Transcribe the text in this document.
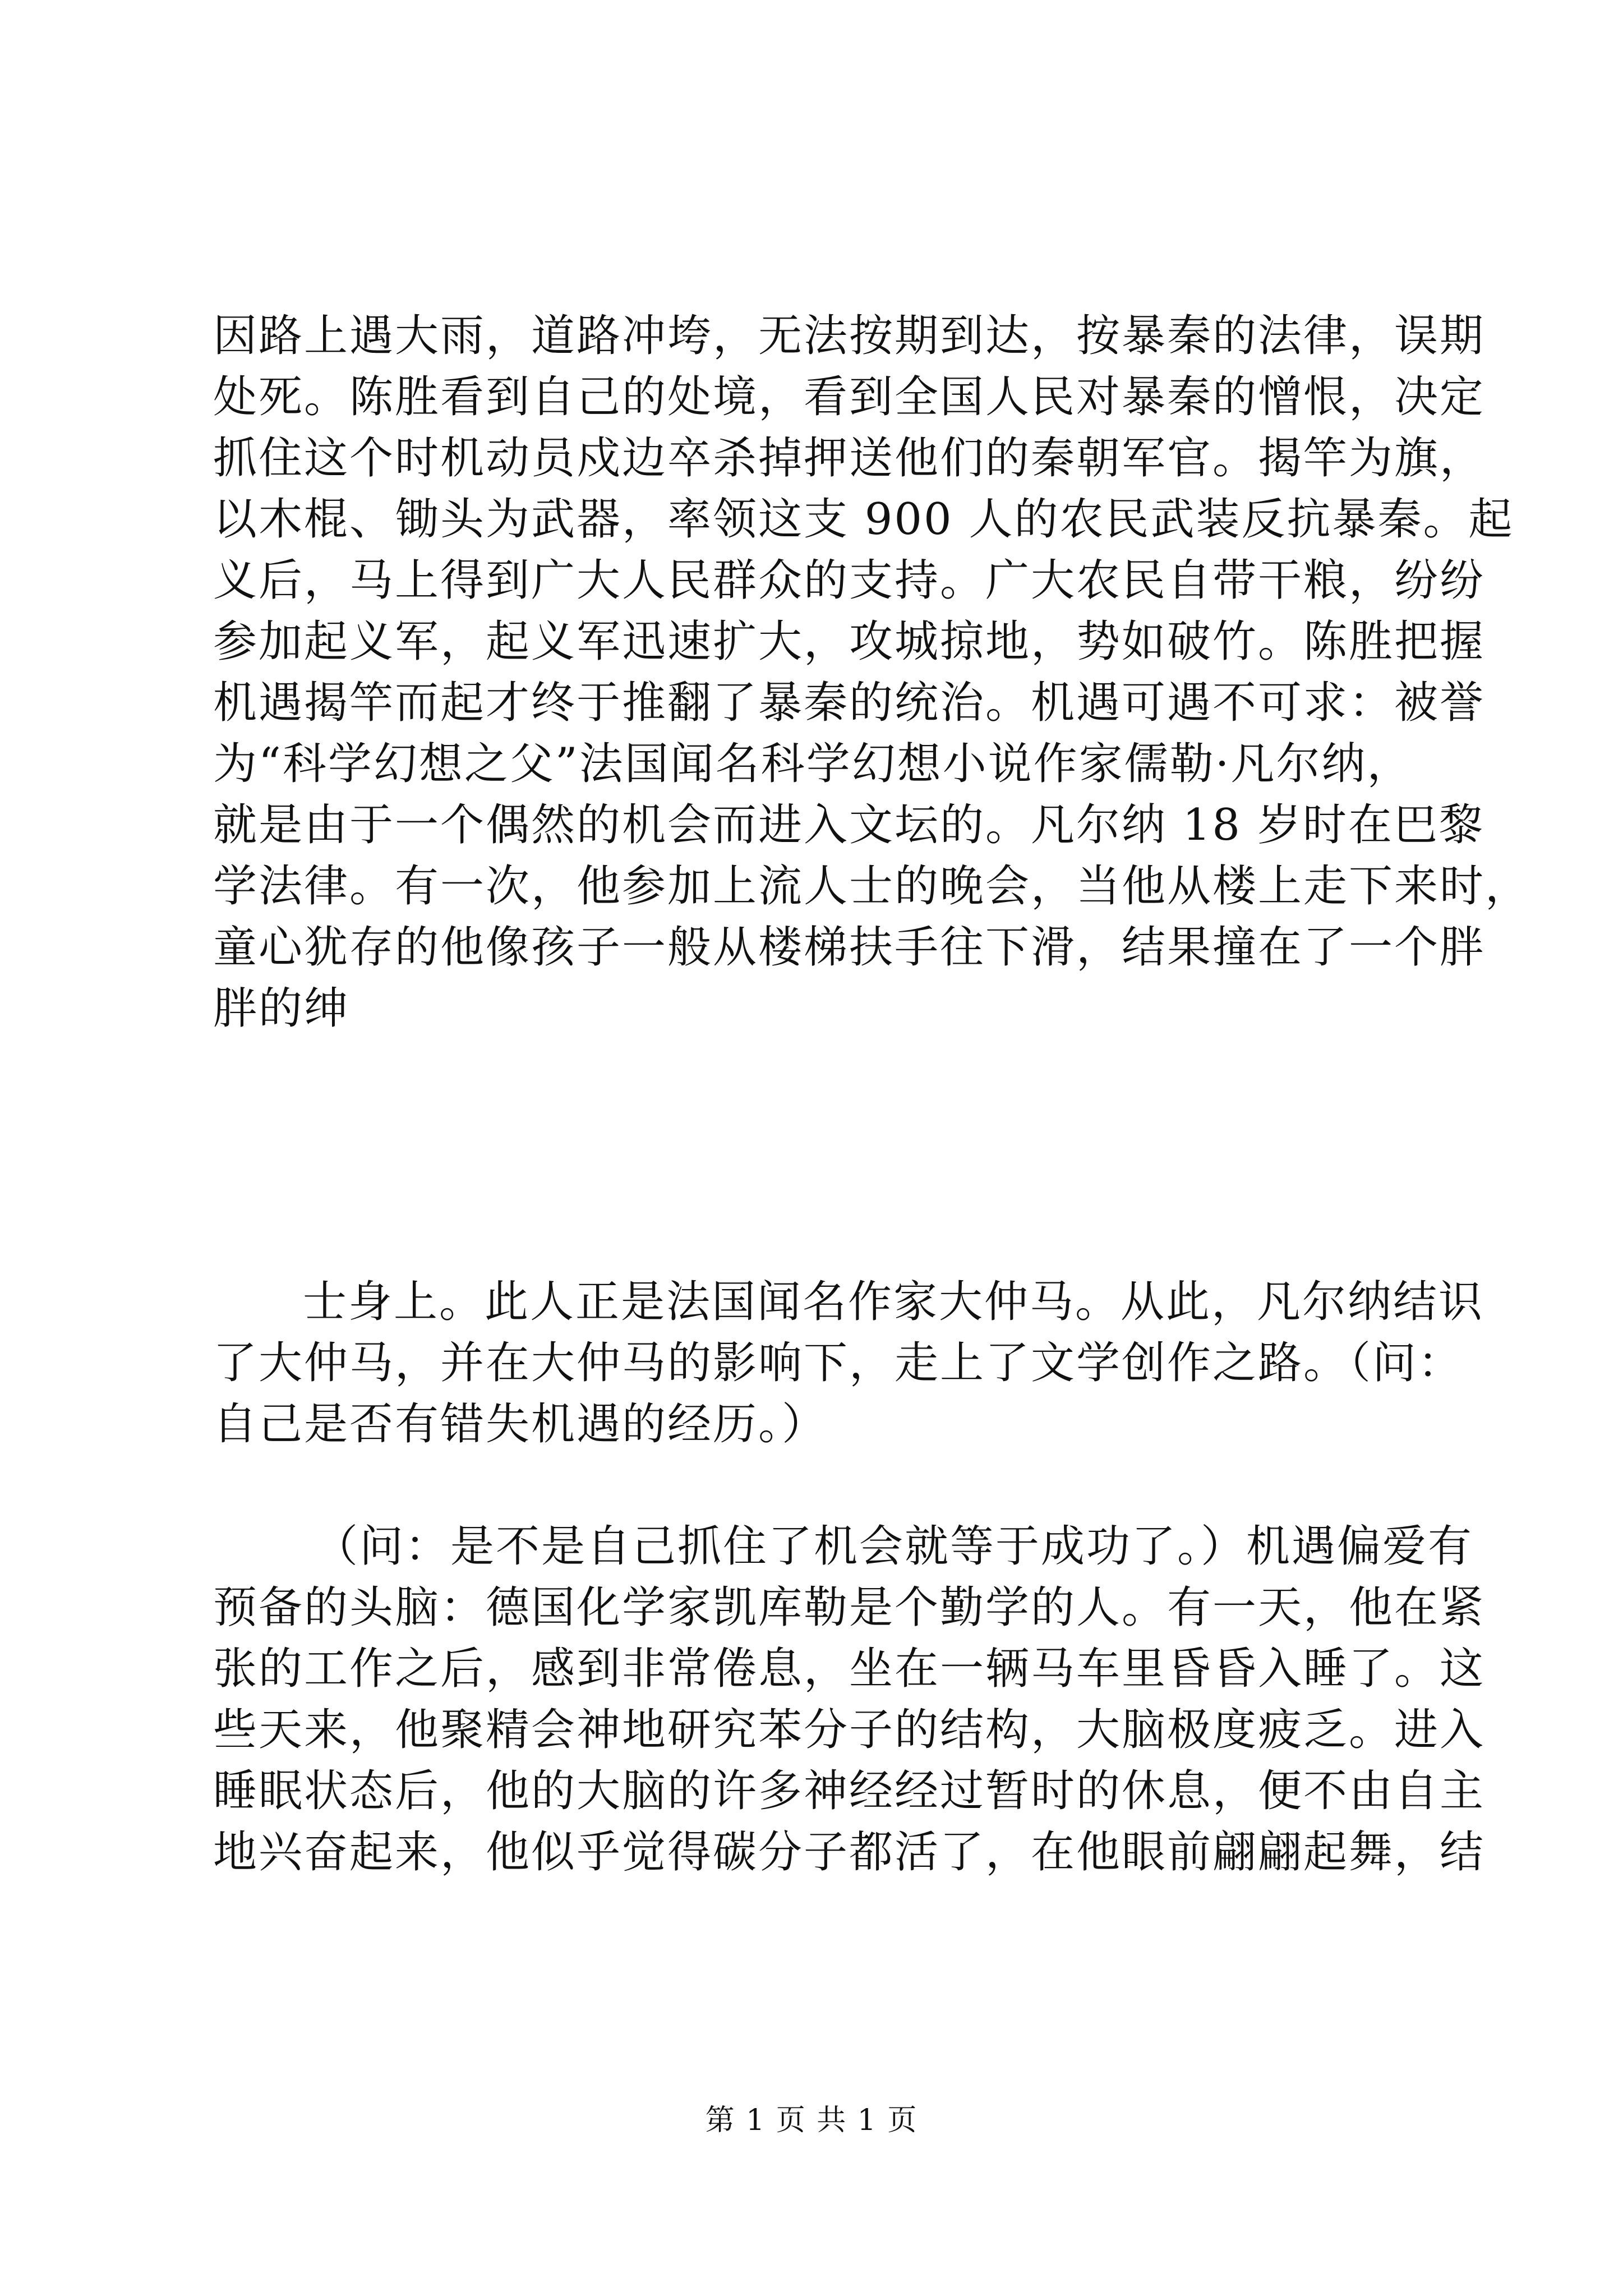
因路上遇大雨，道路冲垮，无法按期到达，按暴秦的法律，误期
处死。陈胜看到自己的处境，看到全国人民对暴秦的憎恨，决定
抓住这个时机动员戍边卒杀掉押送他们的秦朝军官。揭竿为旗，
以木棍、锄头为武器，率领这支 900 人的农民武装反抗暴秦。起
义后，马上得到广大人民群众的支持。广大农民自带干粮，纷纷
参加起义军，起义军迅速扩大，攻城掠地，势如破竹。陈胜把握
机遇揭竿而起才终于推翻了暴秦的统治。机遇可遇不可求：被誉
为“科学幻想之父”法国闻名科学幻想小说作家儒勒·凡尔纳，
就是由于一个偶然的机会而进入文坛的。凡尔纳 18 岁时在巴黎
学法律。有一次，他参加上流人士的晚会，当他从楼上走下来时，
童心犹存的他像孩子一般从楼梯扶手往下滑，结果撞在了一个胖
胖的绅
士身上。此人正是法国闻名作家大仲马。从此，凡尔纳结识
了大仲马，并在大仲马的影响下，走上了文学创作之路。（问：
自己是否有错失机遇的经历。）
（问：是不是自己抓住了机会就等于成功了。）机遇偏爱有
预备的头脑：德国化学家凯库勒是个勤学的人。有一天，他在紧
张的工作之后，感到非常倦息，坐在一辆马车里昏昏入睡了。这
些天来，他聚精会神地研究苯分子的结构，大脑极度疲乏。进入
睡眠状态后，他的大脑的许多神经经过暂时的休息，便不由自主
地兴奋起来，他似乎觉得碳分子都活了，在他眼前翩翩起舞，结
第 1 页 共 1 页
